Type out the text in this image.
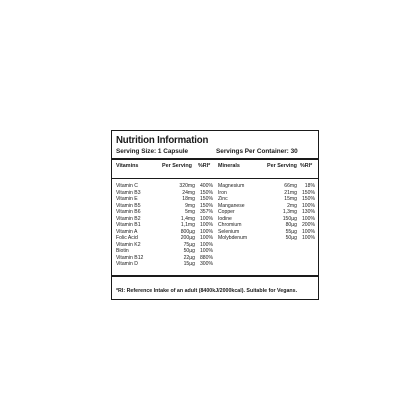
Nutrition Information
Serving Size: 1 Capsule	Servings Per Container: 30
Vitamins	Per Serving %RI* Minerals	Per Serving %RI*
Vitamin C	320mg 400%
Vitamin B3	24mg 150%
Vitamin E	18mg 150%
Vitamin B5	9mg 150%
Vitamin B6	5mg 357%
Vitamin B2	1,4mg 100%
Vitamin B1	1,1mg 100%
Vitamin A	800µg 100%
Folic Acid	200µg 100%
Vitamin K2	75µg 100%
Biotin	50µg 100%
Vitamin B12	22µg 880%
Vitamin D	15µg 300%
Magnesium	66mg 18%
Iron	21mg 150%
Zinc	15mg 150%
Manganese	2mg 100%
Copper	1,3mg 130%
Iodine	150µg 100%
Chromium	80µg 200%
Selenium	55µg 100%
Molybdenum	50µg 100%
*RI: Reference Intake of an adult (8400kJ/2000kcal). Suitable for Vegans.
